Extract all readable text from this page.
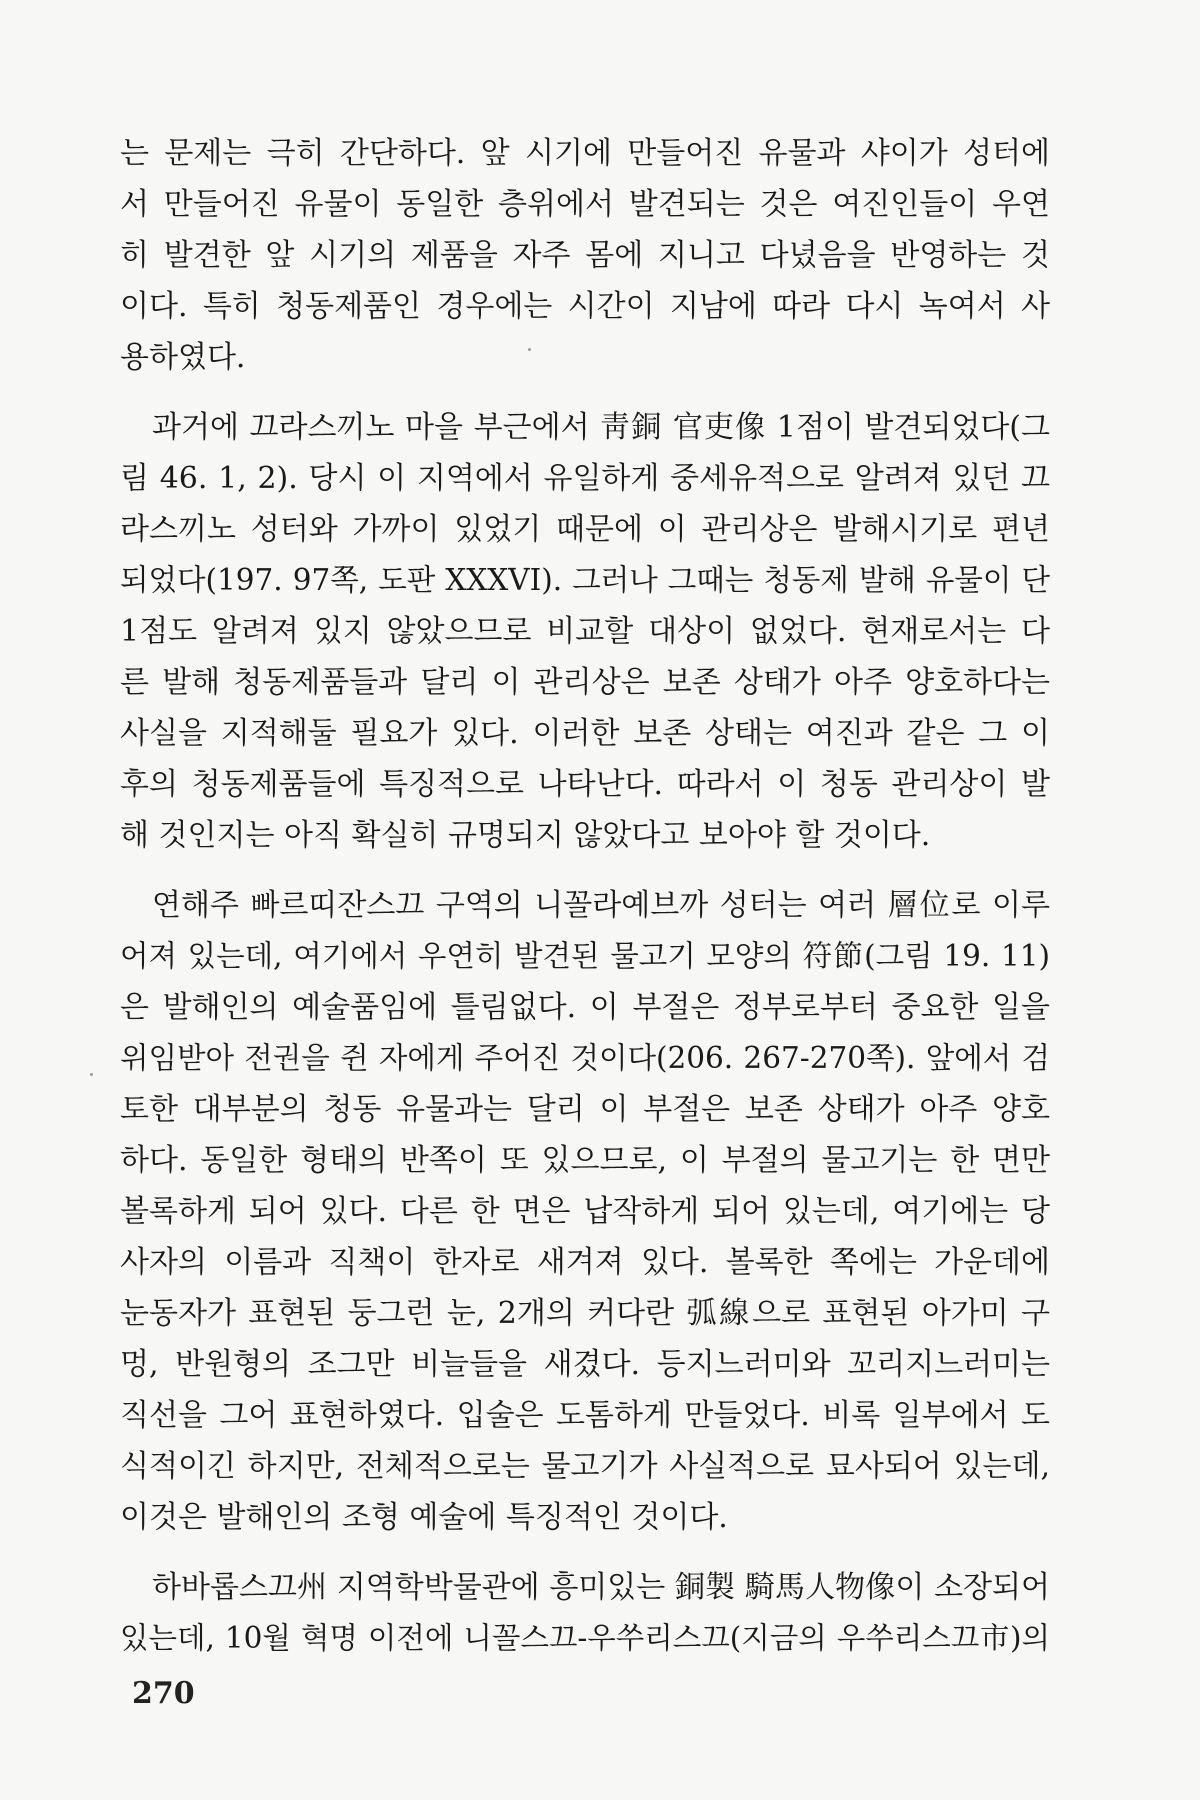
는 문제는 극히 간단하다. 앞 시기에 만들어진 유물과 샤이가 성터에
서 만들어진 유물이 동일한 층위에서 발견되는 것은 여진인들이 우연
히 발견한 앞 시기의 제품을 자주 몸에 지니고 다녔음을 반영하는 것
이다. 특히 청동제품인 경우에는 시간이 지남에 따라 다시 녹여서 사
용하였다.
과거에 끄라스끼노 마을 부근에서 靑銅 官吏像 1점이 발견되었다(그
림 46. 1, 2). 당시 이 지역에서 유일하게 중세유적으로 알려져 있던 끄
라스끼노 성터와 가까이 있었기 때문에 이 관리상은 발해시기로 편년
되었다(197. 97쪽, 도판 XXXVI). 그러나 그때는 청동제 발해 유물이 단
1점도 알려져 있지 않았으므로 비교할 대상이 없었다. 현재로서는 다
른 발해 청동제품들과 달리 이 관리상은 보존 상태가 아주 양호하다는
사실을 지적해둘 필요가 있다. 이러한 보존 상태는 여진과 같은 그 이
후의 청동제품들에 특징적으로 나타난다. 따라서 이 청동 관리상이 발
해 것인지는 아직 확실히 규명되지 않았다고 보아야 할 것이다.
연해주 빠르띠잔스끄 구역의 니꼴라예브까 성터는 여러 層位로 이루
어져 있는데, 여기에서 우연히 발견된 물고기 모양의 符節(그림 19. 11)
은 발해인의 예술품임에 틀림없다. 이 부절은 정부로부터 중요한 일을
위임받아 전권을 쥔 자에게 주어진 것이다(206. 267-270쪽). 앞에서 검
토한 대부분의 청동 유물과는 달리 이 부절은 보존 상태가 아주 양호
하다. 동일한 형태의 반쪽이 또 있으므로, 이 부절의 물고기는 한 면만
볼록하게 되어 있다. 다른 한 면은 납작하게 되어 있는데, 여기에는 당
사자의 이름과 직책이 한자로 새겨져 있다. 볼록한 쪽에는 가운데에
눈동자가 표현된 둥그런 눈, 2개의 커다란 弧線으로 표현된 아가미 구
멍, 반원형의 조그만 비늘들을 새겼다. 등지느러미와 꼬리지느러미는
직선을 그어 표현하였다. 입술은 도톰하게 만들었다. 비록 일부에서 도
식적이긴 하지만, 전체적으로는 물고기가 사실적으로 묘사되어 있는데,
이것은 발해인의 조형 예술에 특징적인 것이다.
하바롭스끄州 지역학박물관에 흥미있는 銅製 騎馬人物像이 소장되어
있는데, 10월 혁명 이전에 니꼴스끄-우쑤리스끄(지금의 우쑤리스끄市)의
270
